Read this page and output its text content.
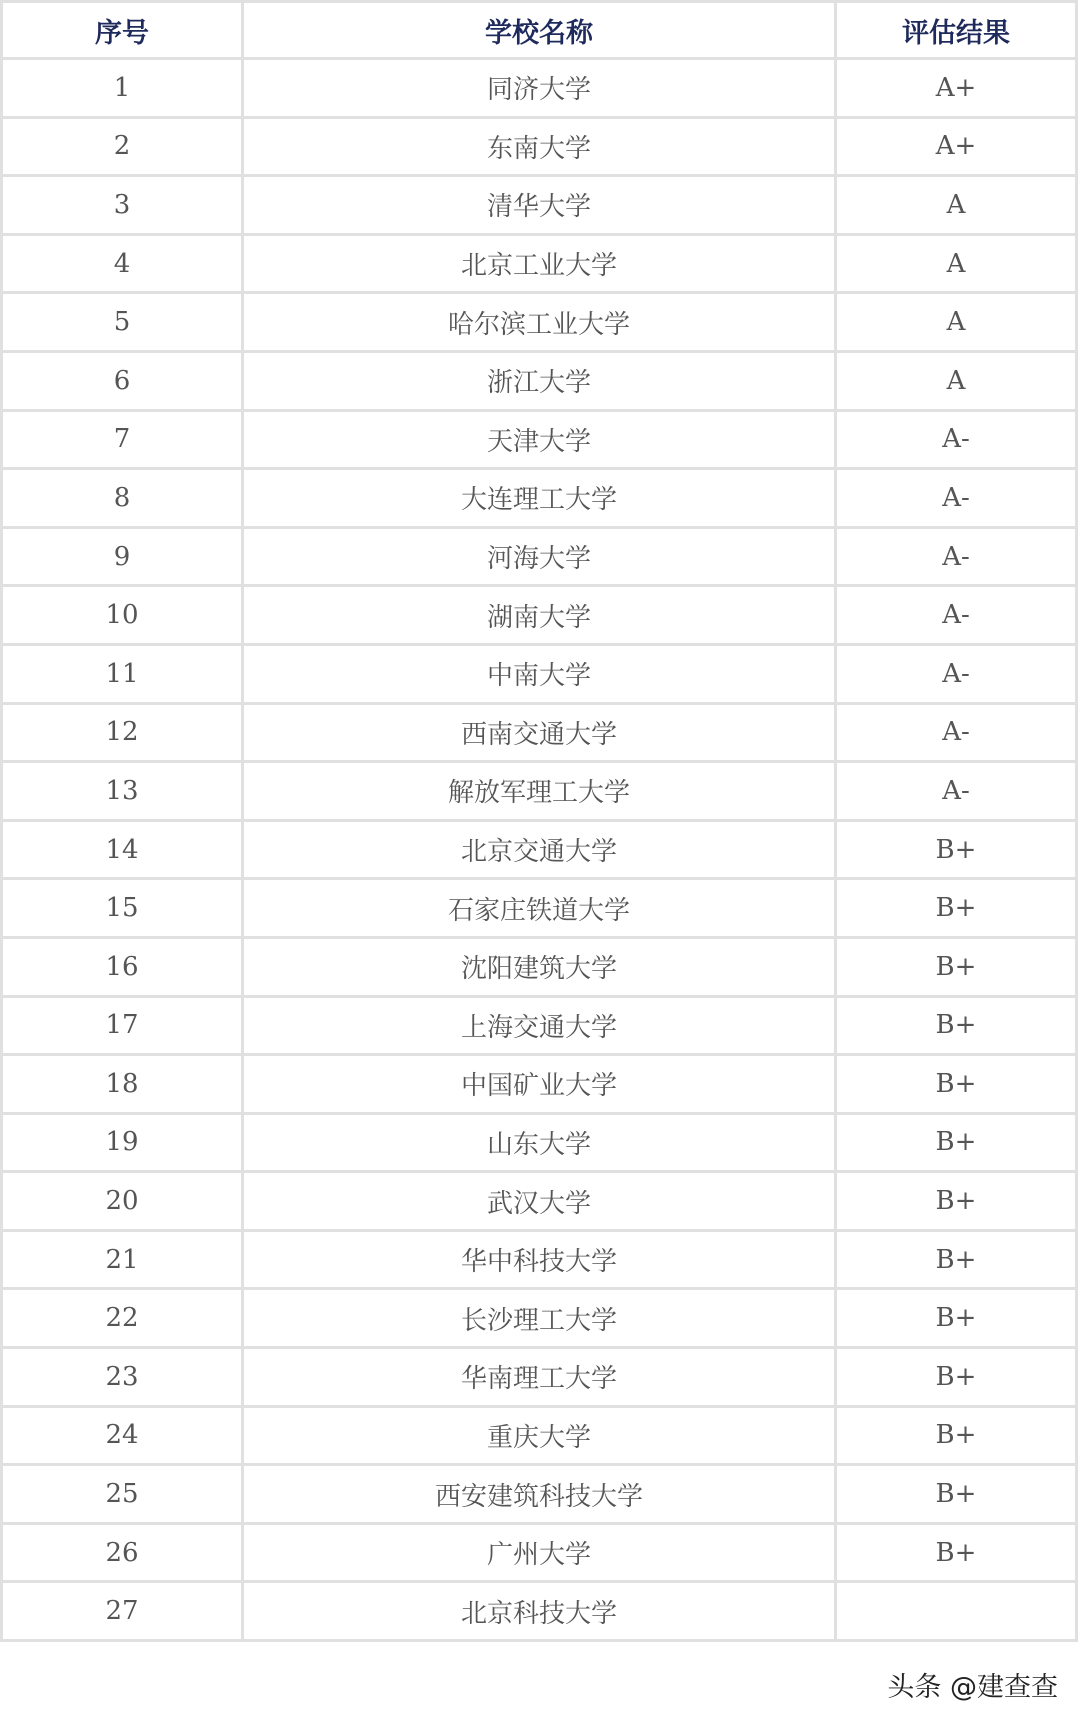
序号	学校名称	评估结果
1	同济大学	A+
2	东南大学	A+
3	清华大学	A
4	北京工业大学	A
5	哈尔滨工业大学	A
6	浙江大学	A
7	天津大学	A-
8	大连理工大学	A-
9	河海大学	A-
10	湖南大学	A-
11	中南大学	A-
12	西南交通大学	A-
13	解放军理工大学	A-
14	北京交通大学	B+
15	石家庄铁道大学	B+
16	沈阳建筑大学	B+
17	上海交通大学	B+
18	中国矿业大学	B+
19	山东大学	B+
20	武汉大学	B+
21	华中科技大学	B+
22	长沙理工大学	B+
23	华南理工大学	B+
24	重庆大学	B+
25	西安建筑科技大学	B+
26	广州大学	B+
27	北京科技大学	
头条 @建查查
